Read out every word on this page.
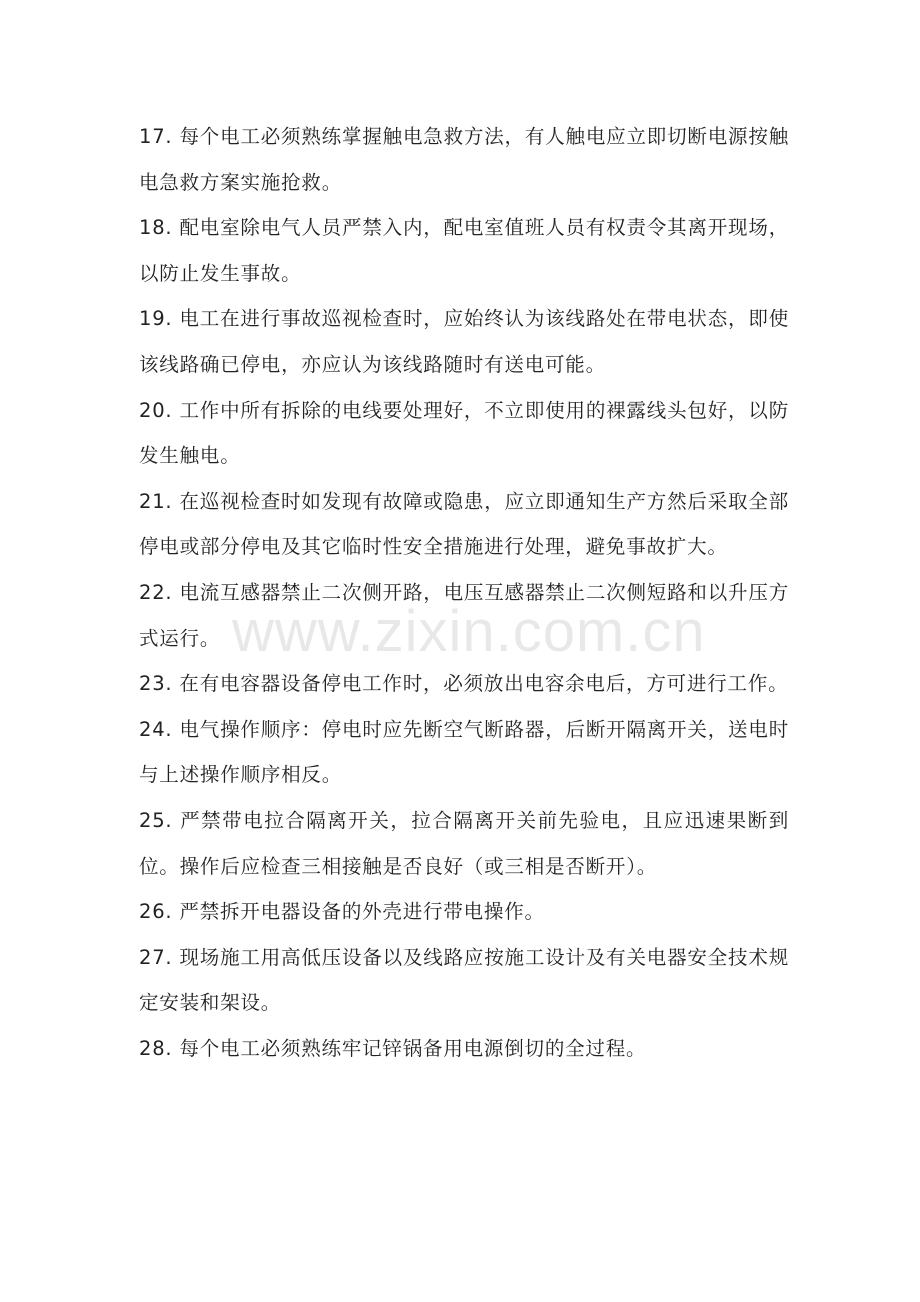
17. 每个电工必须熟练掌握触电急救方法，有人触电应立即切断电源按触电急救方案实施抢救。

18. 配电室除电气人员严禁入内，配电室值班人员有权责令其离开现场，以防止发生事故。

19. 电工在进行事故巡视检查时，应始终认为该线路处在带电状态，即使该线路确已停电，亦应认为该线路随时有送电可能。

20. 工作中所有拆除的电线要处理好，不立即使用的裸露线头包好，以防发生触电。

21. 在巡视检查时如发现有故障或隐患，应立即通知生产方然后采取全部停电或部分停电及其它临时性安全措施进行处理，避免事故扩大。

22. 电流互感器禁止二次侧开路，电压互感器禁止二次侧短路和以升压方式运行。

23. 在有电容器设备停电工作时，必须放出电容余电后，方可进行工作。

24. 电气操作顺序：停电时应先断空气断路器，后断开隔离开关，送电时与上述操作顺序相反。

25. 严禁带电拉合隔离开关，拉合隔离开关前先验电，且应迅速果断到位。操作后应检查三相接触是否良好（或三相是否断开）。

26. 严禁拆开电器设备的外壳进行带电操作。

27. 现场施工用高低压设备以及线路应按施工设计及有关电器安全技术规定安装和架设。

28. 每个电工必须熟练牢记锌锅备用电源倒切的全过程。

www.zixin.com.cn
